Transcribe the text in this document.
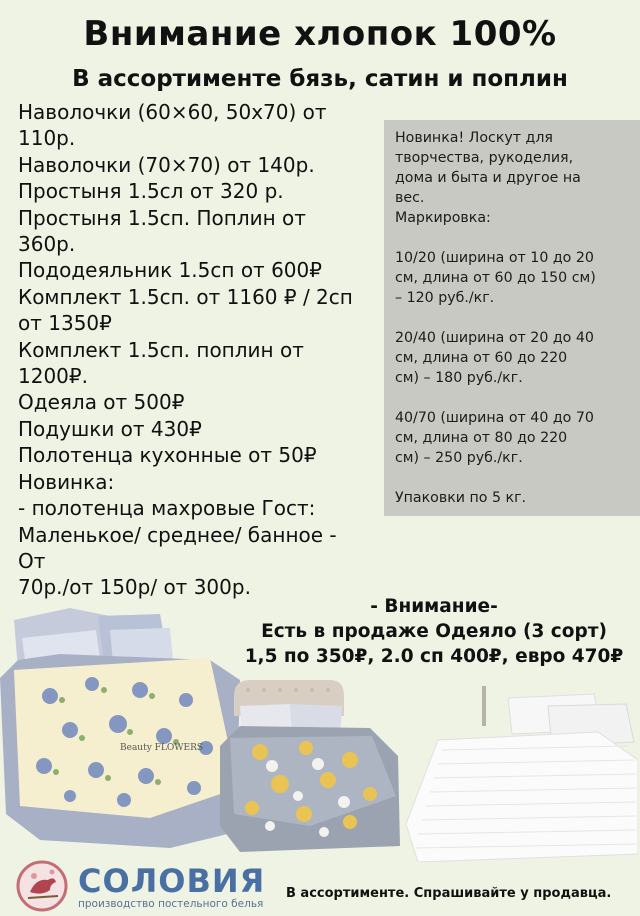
Внимание хлопок 100%
В ассортименте бязь, сатин и поплин
Наволочки (60×60, 50х70) от
110р.
Наволочки (70×70) от 140р.
Простыня 1.5сл от 320 р.
Простыня 1.5сп. Поплин от
360р.
Пододеяльник 1.5сп от 600₽
Комплект 1.5сп. от 1160 ₽ / 2сп
от 1350₽
Комплект 1.5сп. поплин от
1200₽.
Одеяла от 500₽
Подушки от 430₽
Полотенца кухонные от 50₽
Новинка:
- полотенца махровые Гост:
Маленькое/ среднее/ банное -
От
70р./от 150р/ от 300р.
Новинка! Лоскут для
творчества, рукоделия,
дома и быта и другое на
вес.
Маркировка:
10/20 (ширина от 10 до 20
см, длина от 60 до 150 см)
– 120 руб./кг.
20/40 (ширина от 20 до 40
см, длина от 60 до 220
см) – 180 руб./кг.
40/70 (ширина от 40 до 70
см, длина от 80 до 220
см) – 250 руб./кг.
Упаковки по 5 кг.
- Внимание-
Есть в продаже Одеяло (3 сорт)
1,5 по 350₽, 2.0 сп 400₽, евро 470₽
Beauty FLOWERS
СОЛОВИЯ
производство постельного белья
В ассортименте. Спрашивайте у продавца.
